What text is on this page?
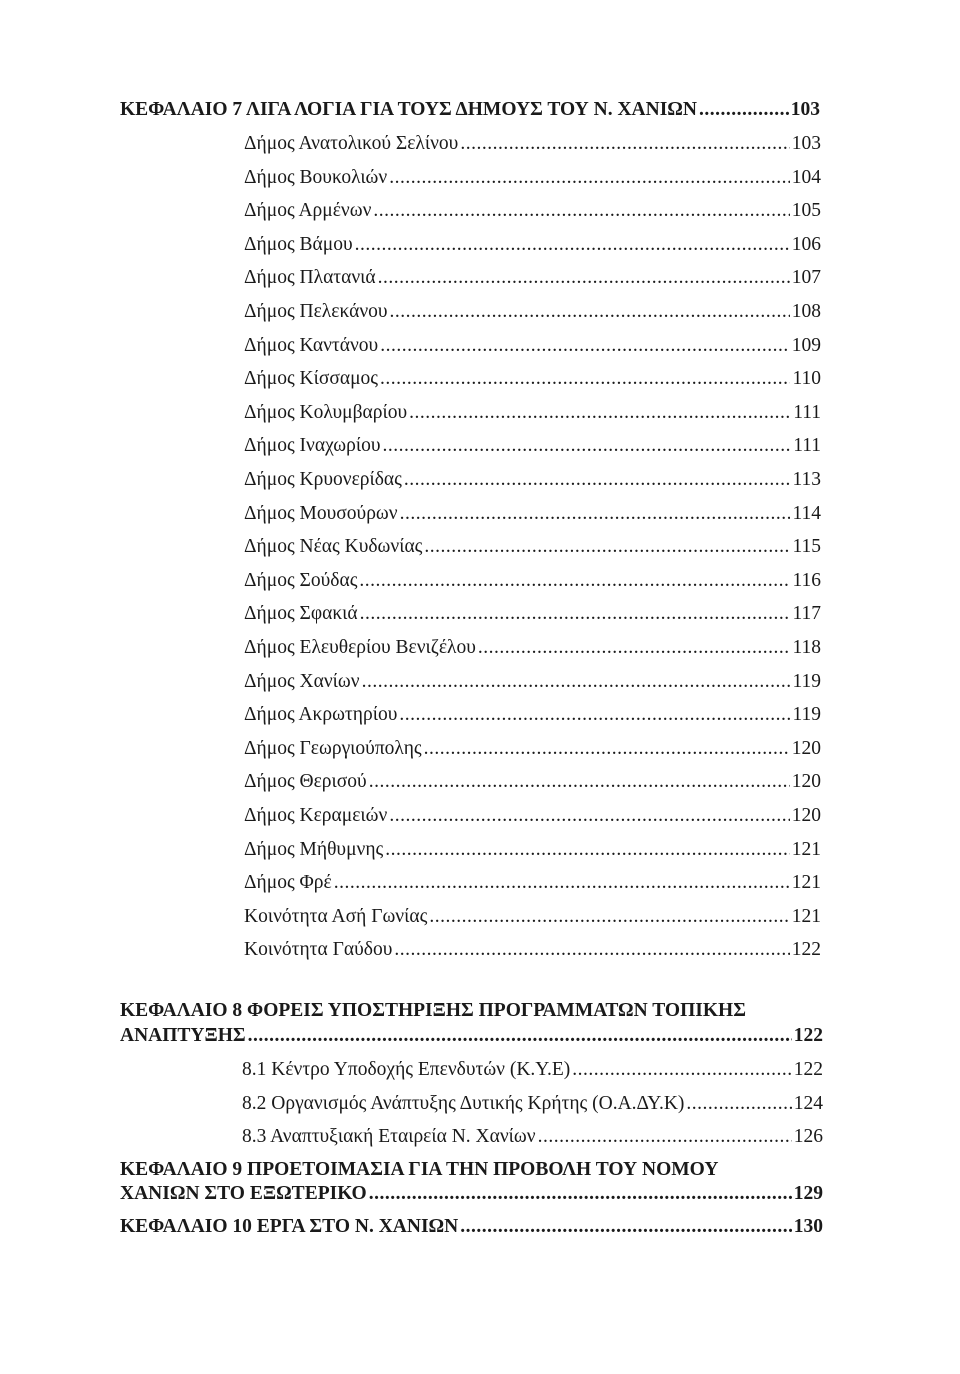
ΚΕΦΑΛΑΙΟ 7 ΛΙΓΑ ΛΟΓΙΑ ΓΙΑ ΤΟΥΣ ΔΗΜΟΥΣ ΤΟΥ Ν. ΧΑΝΙΩΝ .....	103
Δήμος Ανατολικού Σελίνου .....	103
Δήμος Βουκολιών .....	104
Δήμος Αρμένων .....	105
Δήμος Βάμου .....	106
Δήμος Πλατανιά .....	107
Δήμος Πελεκάνου .....	108
Δήμος Καντάνου .....	109
Δήμος Κίσσαμος .....	110
Δήμος Κολυμβαρίου .....	111
Δήμος Ιναχωρίου .....	111
Δήμος Κρυονερίδας .....	113
Δήμος Μουσούρων .....	114
Δήμος Νέας Κυδωνίας .....	115
Δήμος Σούδας .....	116
Δήμος Σφακιά .....	117
Δήμος Ελευθερίου Βενιζέλου .....	118
Δήμος Χανίων .....	119
Δήμος Ακρωτηρίου .....	119
Δήμος Γεωργιούπολης .....	120
Δήμος Θερισού .....	120
Δήμος Κεραμειών .....	120
Δήμος Μήθυμνης .....	121
Δήμος Φρέ .....	121
Κοινότητα Ασή Γωνίας .....	121
Κοινότητα Γαύδου .....	122
ΚΕΦΑΛΑΙΟ 8 ΦΟΡΕΙΣ ΥΠΟΣΤΗΡΙΞΗΣ ΠΡΟΓΡΑΜΜΑΤΩΝ ΤΟΠΙΚΗΣ
ΑΝΑΠΤΥΞΗΣ .....	122
8.1 Κέντρο Υποδοχής Επενδυτών (Κ.Υ.Ε) .....	122
8.2 Οργανισμός Ανάπτυξης Δυτικής Κρήτης (Ο.Α.ΔΥ.Κ) .....	124
8.3 Αναπτυξιακή Εταιρεία Ν. Χανίων .....	126
ΚΕΦΑΛΑΙΟ 9 ΠΡΟΕΤΟΙΜΑΣΙΑ ΓΙΑ ΤΗΝ ΠΡΟΒΟΛΗ ΤΟΥ ΝΟΜΟΥ
ΧΑΝΙΩΝ ΣΤΟ ΕΞΩΤΕΡΙΚΟ .....	129
ΚΕΦΑΛΑΙΟ 10 ΕΡΓΑ ΣΤΟ Ν. ΧΑΝΙΩΝ .....	130
